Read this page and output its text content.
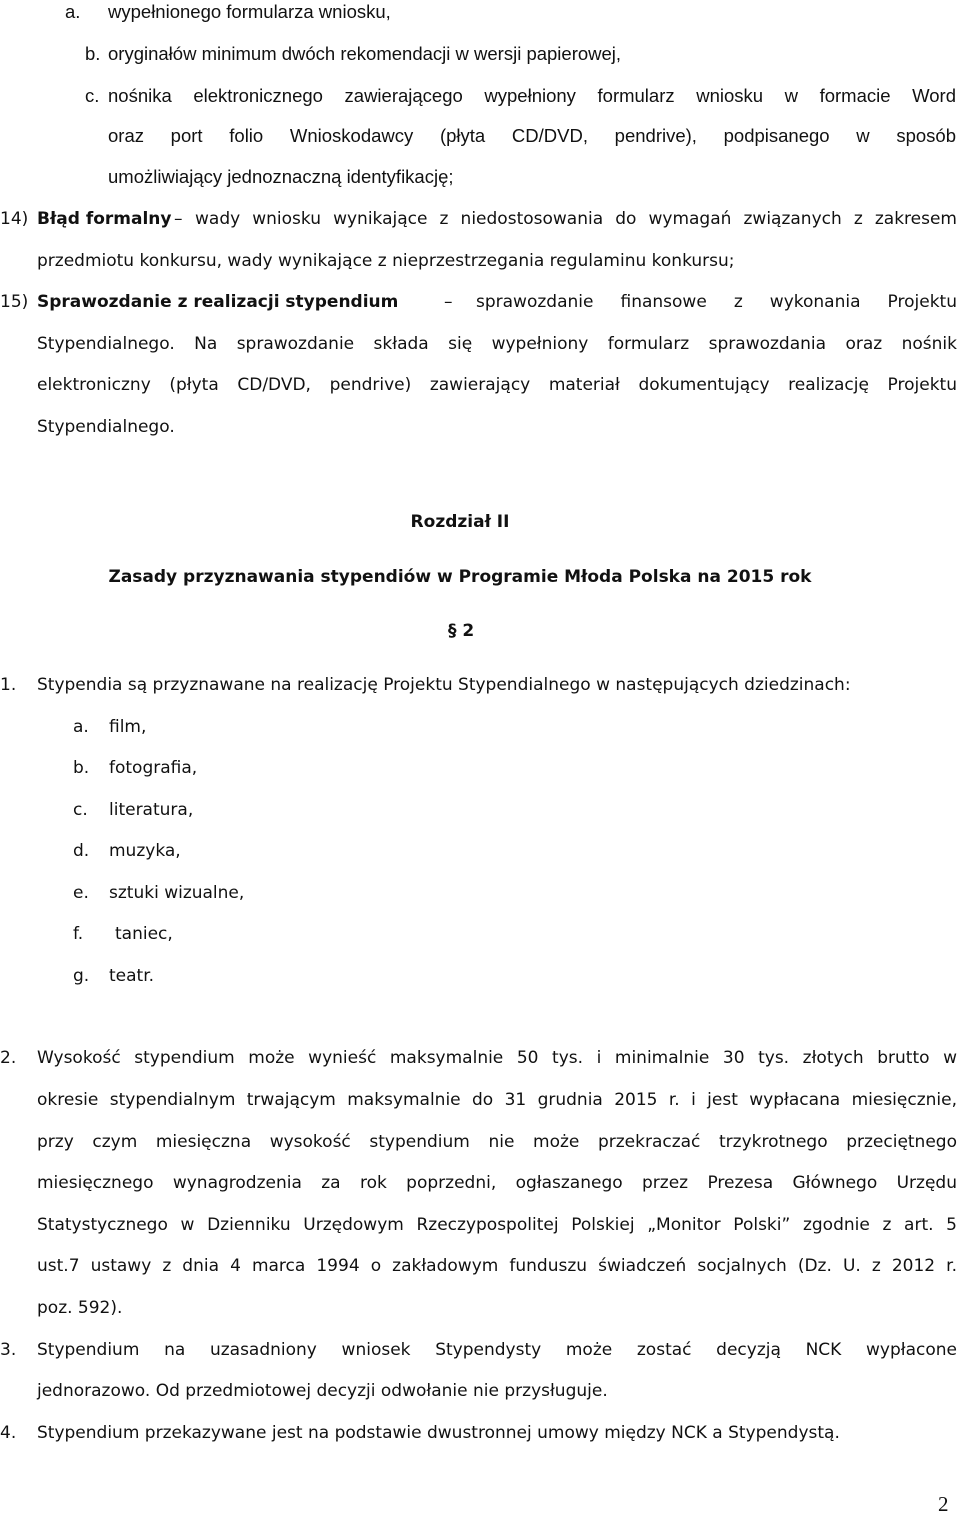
a. wypełnionego formularza wniosku,
b. oryginałów minimum dwóch rekomendacji w wersji papierowej,
c. nośnika elektronicznego zawierającego wypełniony formularz wniosku w formacie Word
oraz port folio Wnioskodawcy (płyta CD/DVD, pendrive), podpisanego w sposób
umożliwiający jednoznaczną identyfikację;
14) Błąd formalny – wady wniosku wynikające z niedostosowania do wymagań związanych z zakresem
przedmiotu konkursu, wady wynikające z nieprzestrzegania regulaminu konkursu;
15) Sprawozdanie z realizacji stypendium	– sprawozdanie finansowe z wykonania Projektu
Stypendialnego. Na sprawozdanie składa się wypełniony formularz sprawozdania oraz nośnik
elektroniczny (płyta CD/DVD, pendrive) zawierający materiał dokumentujący realizację Projektu
Stypendialnego.
Rozdział II
Zasady przyznawania stypendiów w Programie Młoda Polska na 2015 rok
§ 2
1. Stypendia są przyznawane na realizację Projektu Stypendialnego w następujących dziedzinach:
a. film,
b. fotografia,
c. literatura,
d. muzyka,
e. sztuki wizualne,
f. taniec,
g. teatr.
2. Wysokość stypendium może wynieść maksymalnie 50 tys. i minimalnie 30 tys. złotych brutto w
okresie stypendialnym trwającym maksymalnie do 31 grudnia 2015 r. i jest wypłacana miesięcznie,
przy czym miesięczna wysokość stypendium nie może przekraczać trzykrotnego przeciętnego
miesięcznego wynagrodzenia za rok poprzedni, ogłaszanego przez Prezesa Głównego Urzędu
Statystycznego w Dzienniku Urzędowym Rzeczypospolitej Polskiej „Monitor Polski” zgodnie z art. 5
ust.7 ustawy z dnia 4 marca 1994 o zakładowym funduszu świadczeń socjalnych (Dz. U. z 2012 r.
poz. 592).
3. Stypendium na uzasadniony wniosek Stypendysty może zostać decyzją NCK wypłacone
jednorazowo. Od przedmiotowej decyzji odwołanie nie przysługuje.
4. Stypendium przekazywane jest na podstawie dwustronnej umowy między NCK a Stypendystą.
2
